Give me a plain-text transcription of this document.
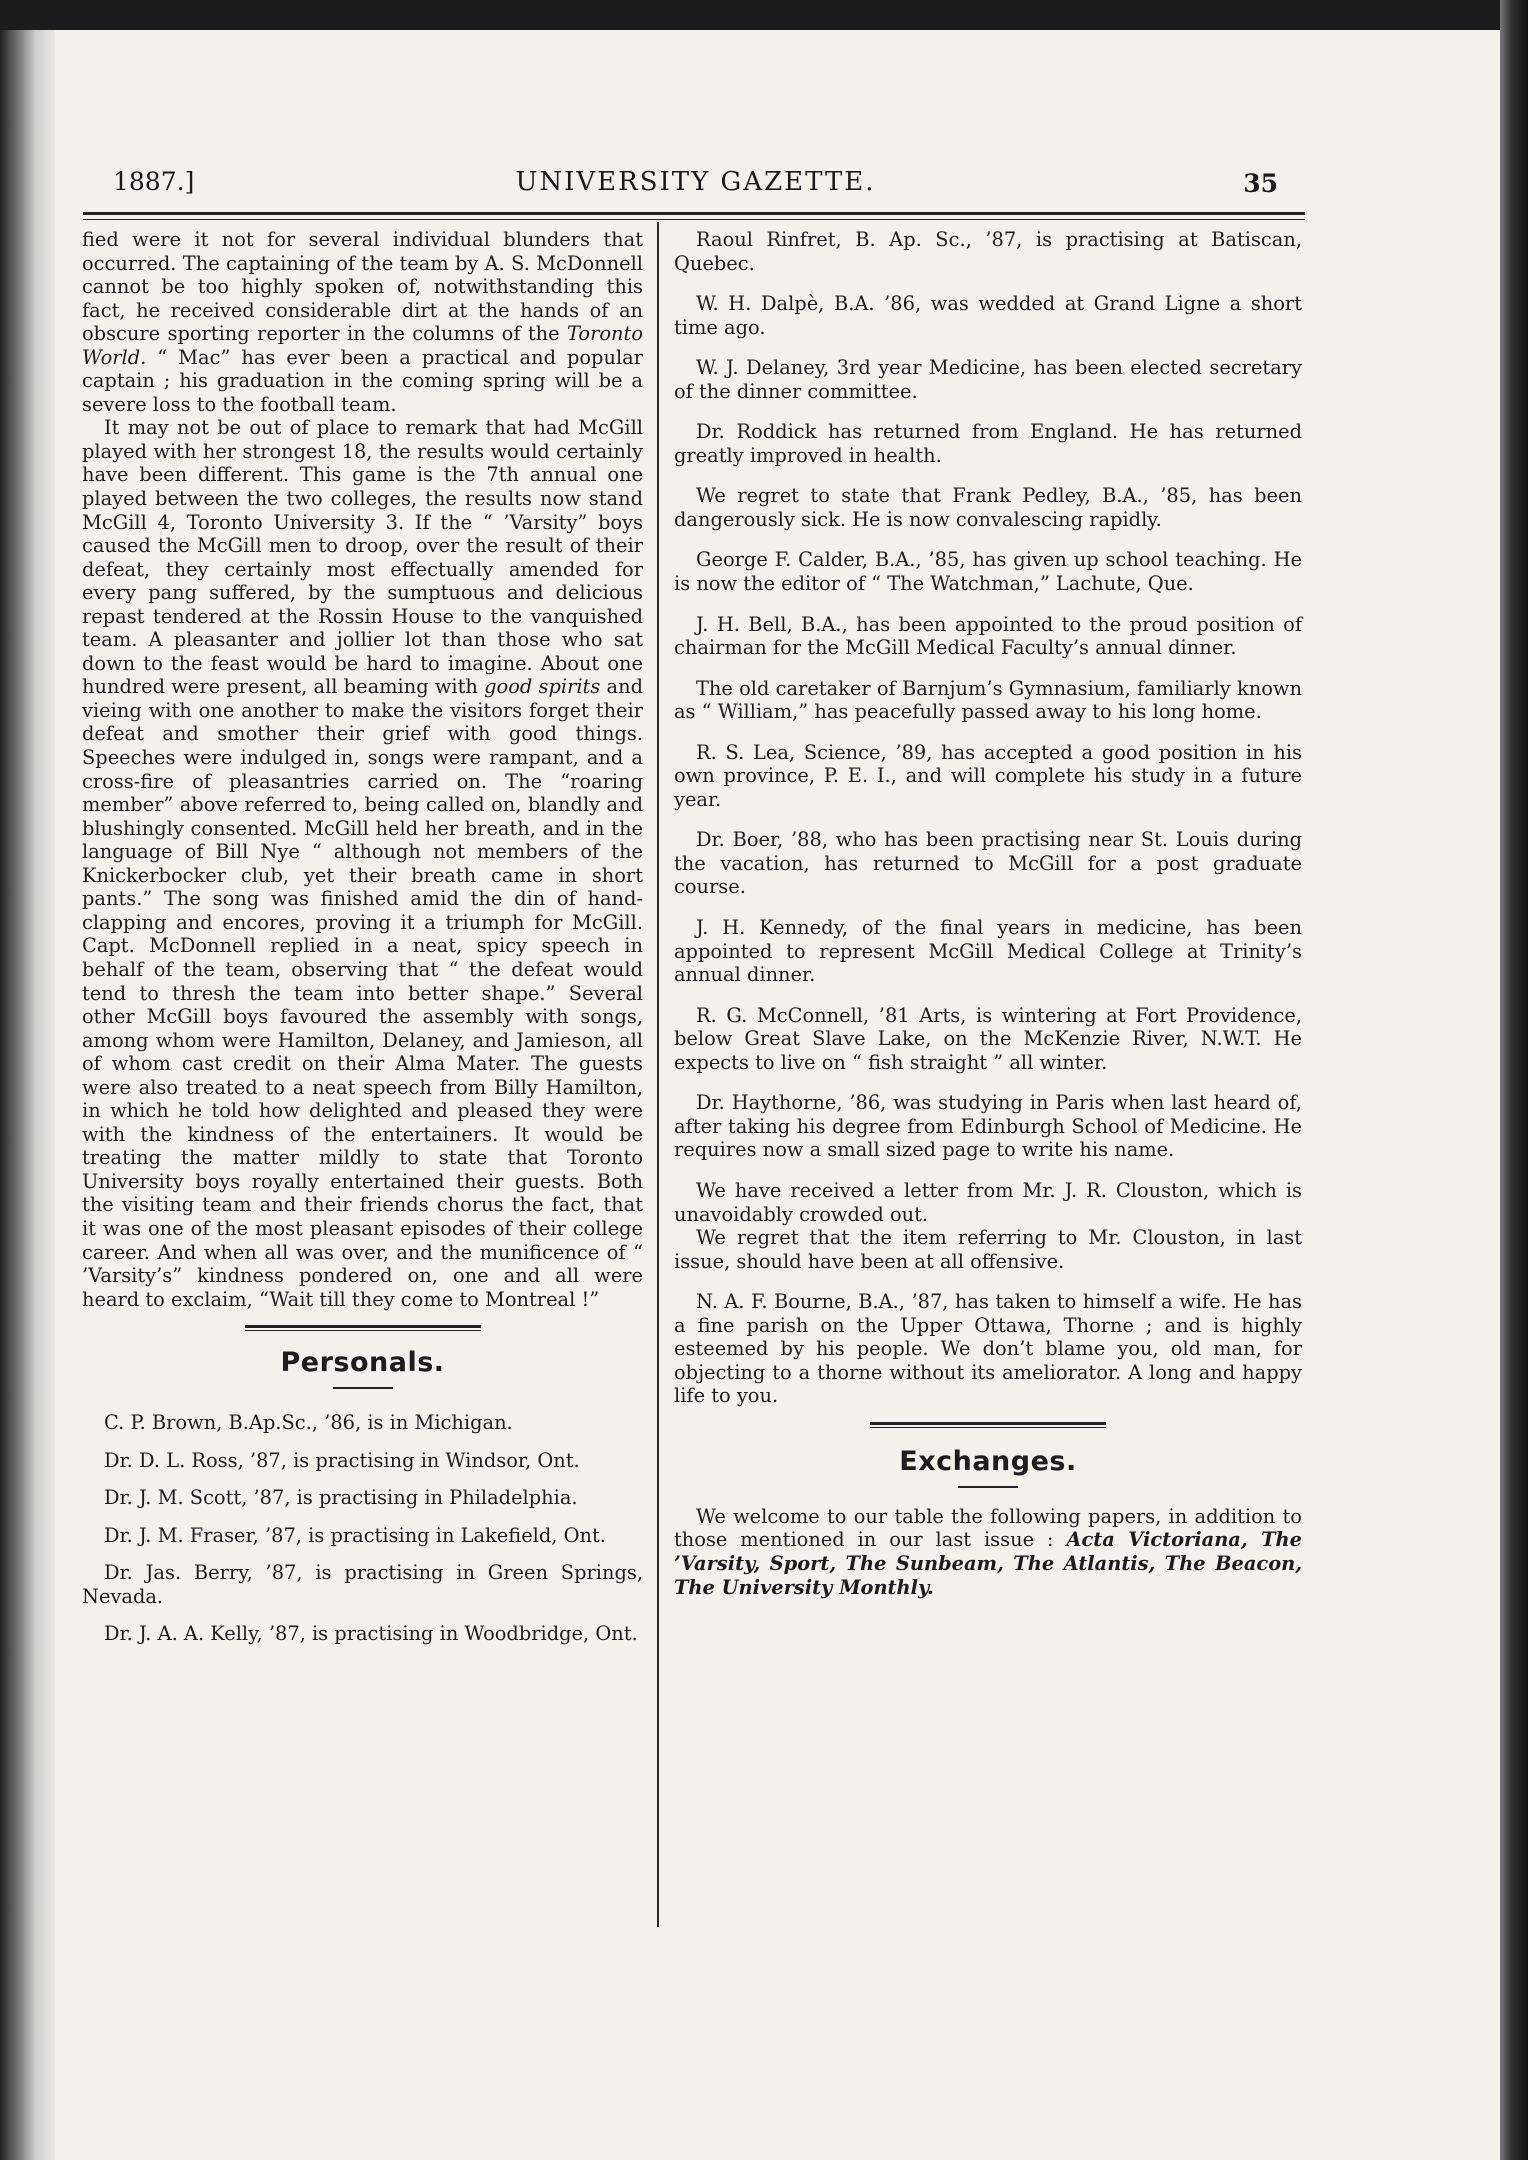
1887.]	UNIVERSITY GAZETTE.	35

fied were it not for several individual blunders that occurred. The captaining of the team by A. S. McDonnell cannot be too highly spoken of, notwithstanding this fact, he received considerable dirt at the hands of an obscure sporting reporter in the columns of the Toronto World. “ Mac” has ever been a practical and popular captain ; his graduation in the coming spring will be a severe loss to the football team.

It may not be out of place to remark that had McGill played with her strongest 18, the results would certainly have been different. This game is the 7th annual one played between the two colleges, the results now stand McGill 4, Toronto University 3. If the “ ’Varsity” boys caused the McGill men to droop, over the result of their defeat, they certainly most effectually amended for every pang suffered, by the sumptuous and delicious repast tendered at the Rossin House to the vanquished team. A pleasanter and jollier lot than those who sat down to the feast would be hard to imagine. About one hundred were present, all beaming with good spirits and vieing with one another to make the visitors forget their defeat and smother their grief with good things. Speeches were indulged in, songs were rampant, and a cross-fire of pleasantries carried on. The “roaring member” above referred to, being called on, blandly and blushingly consented. McGill held her breath, and in the language of Bill Nye “ although not members of the Knickerbocker club, yet their breath came in short pants.” The song was finished amid the din of hand-clapping and encores, proving it a triumph for McGill. Capt. McDonnell replied in a neat, spicy speech in behalf of the team, observing that “ the defeat would tend to thresh the team into better shape.” Several other McGill boys favoured the assembly with songs, among whom were Hamilton, Delaney, and Jamieson, all of whom cast credit on their Alma Mater. The guests were also treated to a neat speech from Billy Hamilton, in which he told how delighted and pleased they were with the kindness of the entertainers. It would be treating the matter mildly to state that Toronto University boys royally entertained their guests. Both the visiting team and their friends chorus the fact, that it was one of the most pleasant episodes of their college career. And when all was over, and the munificence of “ ’Varsity’s” kindness pondered on, one and all were heard to exclaim, “Wait till they come to Montreal !”

Personals.

C. P. Brown, B.Ap.Sc., ’86, is in Michigan.

Dr. D. L. Ross, ’87, is practising in Windsor, Ont.

Dr. J. M. Scott, ’87, is practising in Philadelphia.

Dr. J. M. Fraser, ’87, is practising in Lakefield, Ont.

Dr. Jas. Berry, ’87, is practising in Green Springs, Nevada.

Dr. J. A. A. Kelly, ’87, is practising in Woodbridge, Ont.

Raoul Rinfret, B. Ap. Sc., ’87, is practising at Batiscan, Quebec.

W. H. Dalpè, B.A. ’86, was wedded at Grand Ligne a short time ago.

W. J. Delaney, 3rd year Medicine, has been elected secretary of the dinner committee.

Dr. Roddick has returned from England. He has returned greatly improved in health.

We regret to state that Frank Pedley, B.A., ’85, has been dangerously sick. He is now convalescing rapidly.

George F. Calder, B.A., ’85, has given up school teaching. He is now the editor of “ The Watchman,” Lachute, Que.

J. H. Bell, B.A., has been appointed to the proud position of chairman for the McGill Medical Faculty’s annual dinner.

The old caretaker of Barnjum’s Gymnasium, familiarly known as “ William,” has peacefully passed away to his long home.

R. S. Lea, Science, ’89, has accepted a good position in his own province, P. E. I., and will complete his study in a future year.

Dr. Boer, ’88, who has been practising near St. Louis during the vacation, has returned to McGill for a post graduate course.

J. H. Kennedy, of the final years in medicine, has been appointed to represent McGill Medical College at Trinity’s annual dinner.

R. G. McConnell, ’81 Arts, is wintering at Fort Providence, below Great Slave Lake, on the McKenzie River, N.W.T. He expects to live on “ fish straight ” all winter.

Dr. Haythorne, ’86, was studying in Paris when last heard of, after taking his degree from Edinburgh School of Medicine. He requires now a small sized page to write his name.

We have received a letter from Mr. J. R. Clouston, which is unavoidably crowded out.

We regret that the item referring to Mr. Clouston, in last issue, should have been at all offensive.

N. A. F. Bourne, B.A., ’87, has taken to himself a wife. He has a fine parish on the Upper Ottawa, Thorne ; and is highly esteemed by his people. We don’t blame you, old man, for objecting to a thorne without its ameliorator. A long and happy life to you.

Exchanges.

We welcome to our table the following papers, in addition to those mentioned in our last issue : Acta Victoriana, The ’Varsity, Sport, The Sunbeam, The Atlantis, The Beacon, The University Monthly.
